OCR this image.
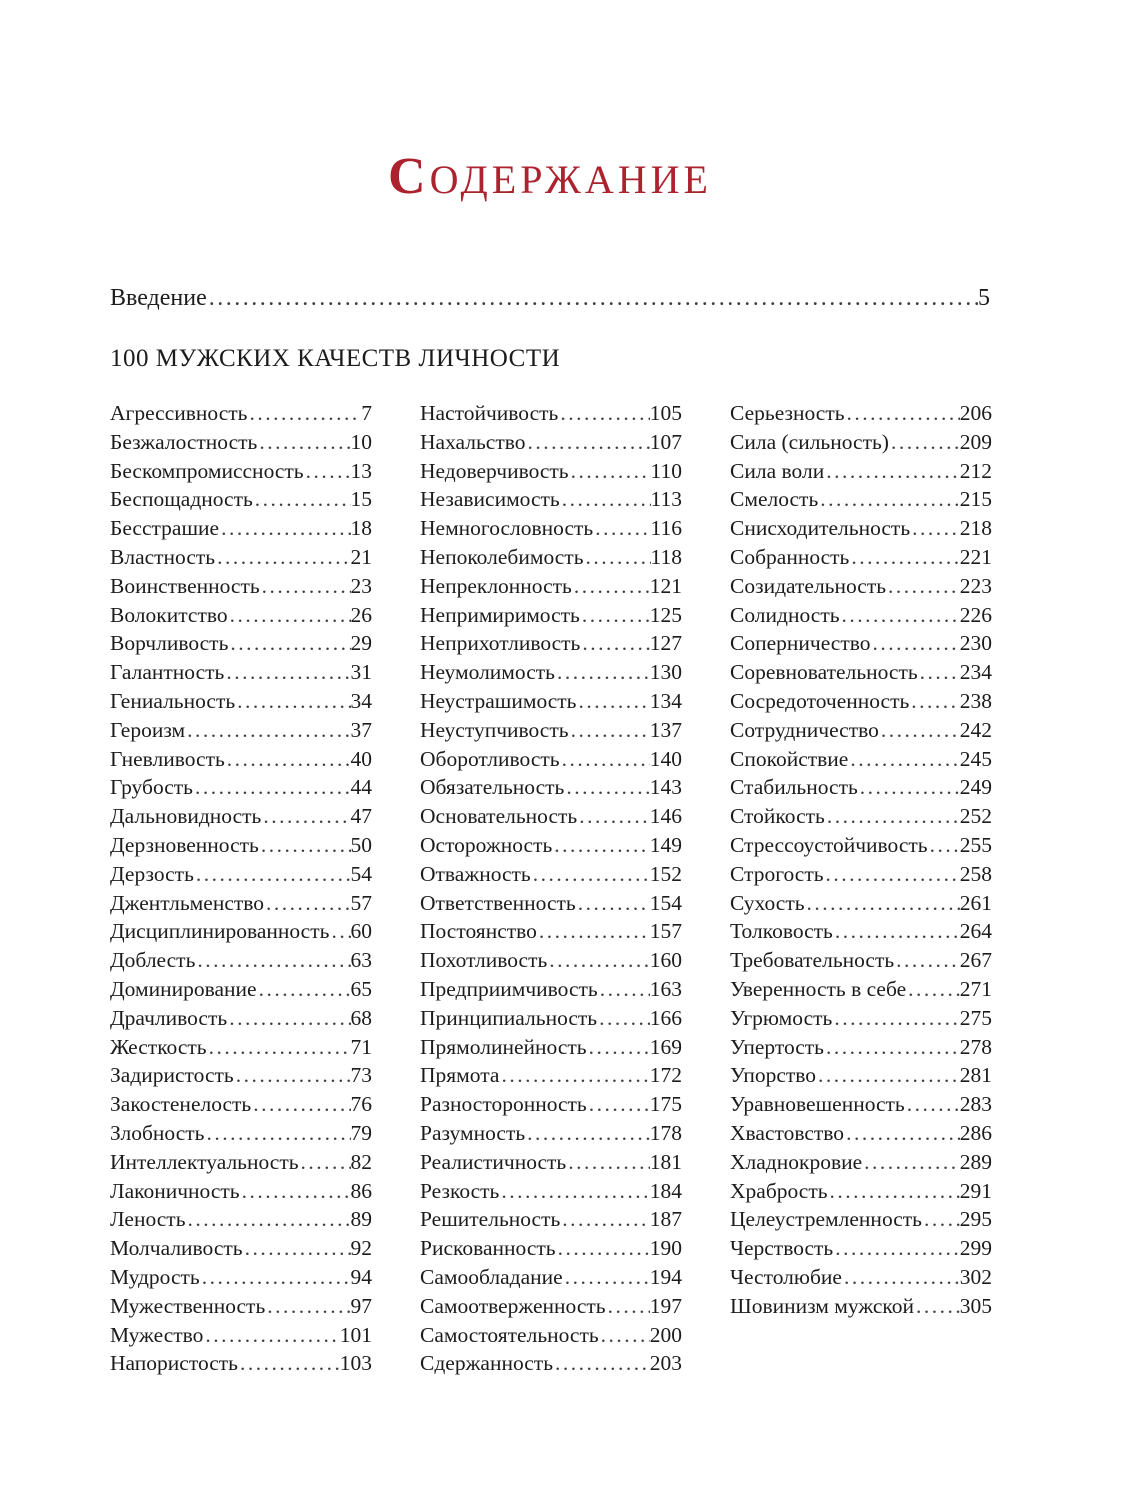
СОДЕРЖАНИЕ
Введение .....	5
100 МУЖСКИХ КАЧЕСТВ ЛИЧНОСТИ
Агрессивность .....	7
Безжалостность .....	10
Бескомпромиссность ..... 13
Беспощадность .....	15
Бесстрашие .....	18
Властность .....	21
Воинственность .....	23
Волокитство .....	26
Ворчливость .....	29
Галантность .....	31
Гениальность .....	34
Героизм .....	37
Гневливость .....	40
Грубость .....	44
Дальновидность .....	47
Дерзновенность .....	50
Дерзость .....	54
Джентльменство .....	57
Дисциплинированность ..... 60
Доблесть .....	63
Доминирование .....	65
Драчливость .....	68
Жесткость .....	71
Задиристость .....	73
Закостенелость .....	76
Злобность .....	79
Интеллектуальность ..... 82
Лаконичность .....	86
Леность .....	89
Молчаливость .....	92
Мудрость .....	94
Мужественность .....	97
Мужество .....	101
Напористость .....	103
Настойчивость .....	105
Нахальство .....	107
Недоверчивость .....	110
Независимость .....	113
Немногословность .....	116
Непоколебимость .....	118
Непреклонность .....	121
Непримиримость .....	125
Неприхотливость .....	127
Неумолимость .....	130
Неустрашимость .....	134
Неуступчивость .....	137
Оборотливость .....	140
Обязательность .....	143
Основательность .....	146
Осторожность .....	149
Отважность .....	152
Ответственность .....	154
Постоянство .....	157
Похотливость .....	160
Предприимчивость ..... 163
Принципиальность ..... 166
Прямолинейность .....	169
Прямота .....	172
Разносторонность .....	175
Разумность .....	178
Реалистичность .....	181
Резкость .....	184
Решительность .....	187
Рискованность .....	190
Самообладание .....	194
Самоотверженность ..... 197
Самостоятельность ..... 200
Сдержанность .....	203
Серьезность .....	206
Сила (сильность) .....	209
Сила воли .....	212
Смелость .....	215
Снисходительность ..... 218
Собранность .....	221
Созидательность .....	223
Солидность .....	226
Соперничество .....	230
Соревновательность ..... 234
Сосредоточенность ..... 238
Сотрудничество .....	242
Спокойствие .....	245
Стабильность .....	249
Стойкость .....	252
Стрессоустойчивость ..... 255
Строгость .....	258
Сухость .....	261
Толковость .....	264
Требовательность .....	267
Уверенность в себе ..... 271
Угрюмость .....	275
Упертость .....	278
Упорство .....	281
Уравновешенность .....	283
Хвастовство .....	286
Хладнокровие .....	289
Храбрость .....	291
Целеустремленность ..... 295
Черствость .....	299
Честолюбие .....	302
Шовинизм мужской ..... 305
